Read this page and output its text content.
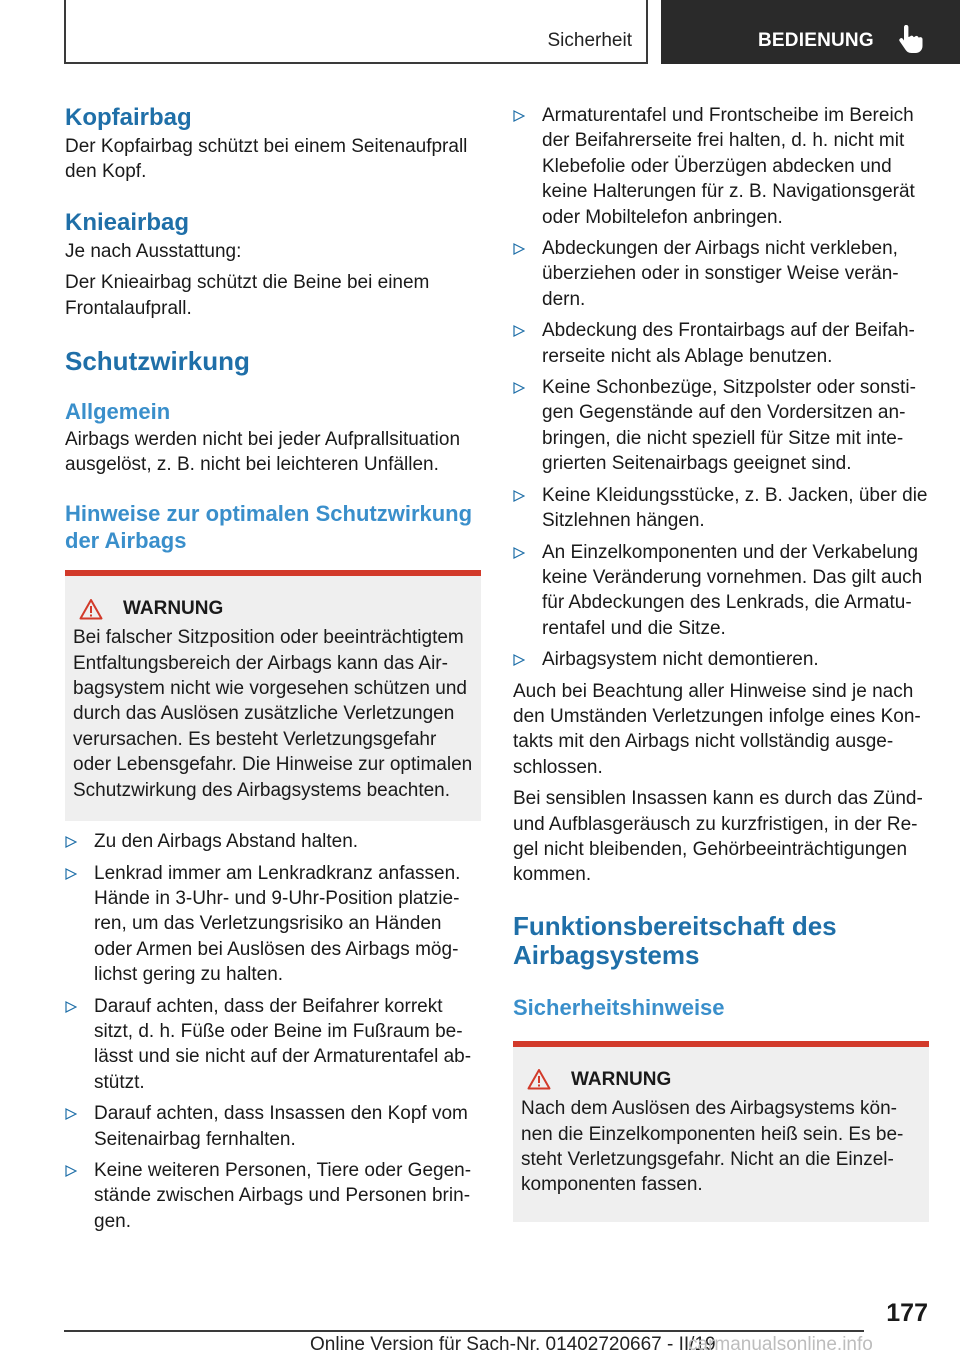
Sicherheit	BEDIENUNG
Kopfairbag

Der Kopfairbag schützt bei einem Seitenaufprall den Kopf.

Knieairbag

Je nach Ausstattung:

Der Knieairbag schützt die Beine bei einem Frontalaufprall.

Schutzwirkung
Allgemein

Airbags werden nicht bei jeder Aufprallsituation ausgelöst, z. B. nicht bei leichteren Unfällen.

Hinweise zur optimalen Schutzwirkung der Airbags
WARNUNG

Bei falscher Sitzposition oder beeinträchtigtem Entfaltungsbereich der Airbags kann das Airbagsystem nicht wie vorgesehen schützen und durch das Auslösen zusätzliche Verletzungen verursachen. Es besteht Verletzungsgefahr oder Lebensgefahr. Die Hinweise zur optimalen Schutzwirkung des Airbagsystems beachten.

Zu den Airbags Abstand halten.
Lenkrad immer am Lenkradkranz anfassen. Hände in 3-Uhr- und 9-Uhr-Position platzieren, um das Verletzungsrisiko an Händen oder Armen bei Auslösen des Airbags möglichst gering zu halten.
Darauf achten, dass der Beifahrer korrekt sitzt, d. h. Füße oder Beine im Fußraum belässt und sie nicht auf der Armaturentafel abstützt.
Darauf achten, dass Insassen den Kopf vom Seitenairbag fernhalten.
Keine weiteren Personen, Tiere oder Gegenstände zwischen Airbags und Personen bringen.
Armaturentafel und Frontscheibe im Bereich der Beifahrerseite frei halten, d. h. nicht mit Klebefolie oder Überzügen abdecken und keine Halterungen für z. B. Navigationsgerät oder Mobiltelefon anbringen.
Abdeckungen der Airbags nicht verkleben, überziehen oder in sonstiger Weise verändern.
Abdeckung des Frontairbags auf der Beifahrerseite nicht als Ablage benutzen.
Keine Schonbezüge, Sitzpolster oder sonstigen Gegenstände auf den Vordersitzen anbringen, die nicht speziell für Sitze mit integrierten Seitenairbags geeignet sind.
Keine Kleidungsstücke, z. B. Jacken, über die Sitzlehnen hängen.
An Einzelkomponenten und der Verkabelung keine Veränderung vornehmen. Das gilt auch für Abdeckungen des Lenkrads, die Armaturentafel und die Sitze.
Airbagsystem nicht demontieren.

Auch bei Beachtung aller Hinweise sind je nach den Umständen Verletzungen infolge eines Kontakts mit den Airbags nicht vollständig ausgeschlossen.

Bei sensiblen Insassen kann es durch das Zünd- und Aufblasgeräusch zu kurzfristigen, in der Regel nicht bleibenden, Gehörbeeinträchtigungen kommen.

Funktionsbereitschaft des Airbagsystems
Sicherheitshinweise
WARNUNG

Nach dem Auslösen des Airbagsystems können die Einzelkomponenten heiß sein. Es besteht Verletzungsgefahr. Nicht an die Einzelkomponenten fassen.

177
Online Version für Sach-Nr. 01402720667 - II/19
carmanualsonline.info
